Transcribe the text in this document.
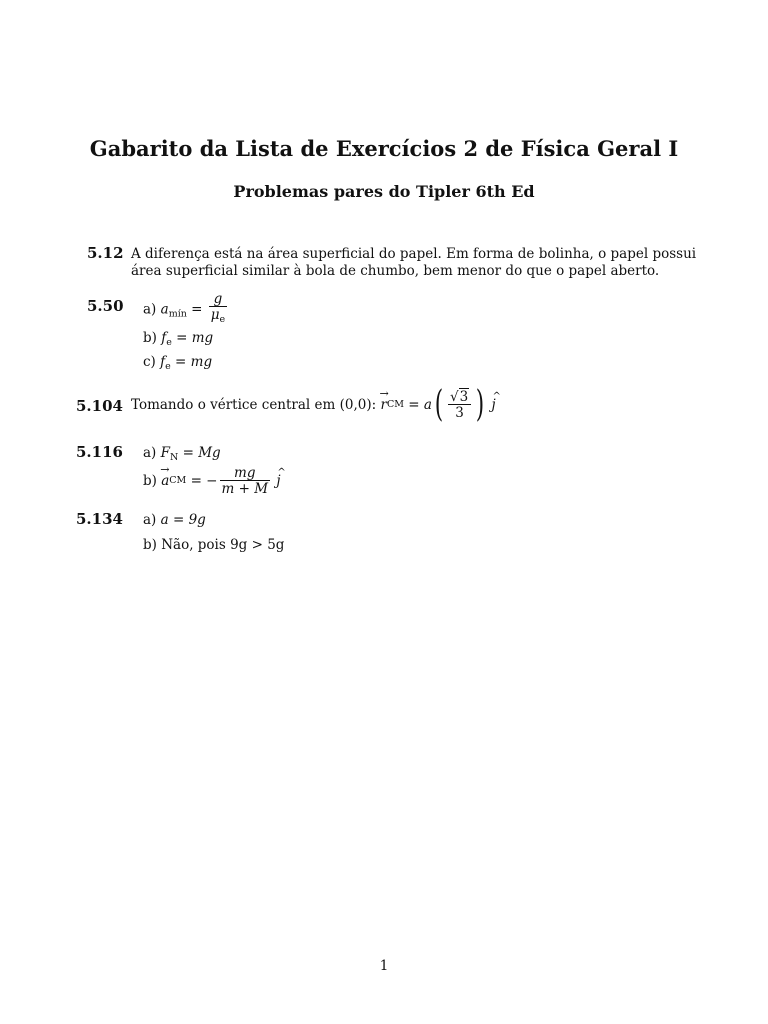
Gabarito da Lista de Exercícios 2 de Física Geral I
Problemas pares do Tipler 6th Ed
5.12 A diferença está na área superficial do papel. Em forma de bolinha, o papel possui
área superficial similar à bola de chumbo, bem menor do que o papel aberto.
5.50 a) $a_{mín} = \frac{g}{\mu_e}$
b) $f_e$ = mg
c) $f_e$ = mg
5.104 Tomando o vértice central em (0,0):
→ r CM
= a ( $\frac{√3}{3}$ )
^ j
5.116 a) $F_N = Mg$
b)
→ a CM
= − $\frac{mg}{m + M}$
^ j
5.134 a) a = 9g
b) Não, pois 9g > 5g
1
